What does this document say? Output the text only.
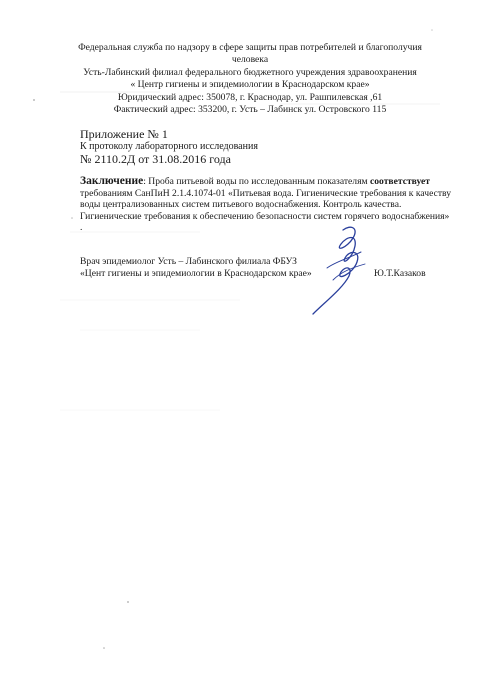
Федеральная служба по надзору в сфере защиты прав потребителей и благополучия
человека
Усть-Лабинский филиал федерального бюджетного учреждения здравоохранения
« Центр гигиены и эпидемиологии в Краснодарском крае»
Юридический адрес: 350078, г. Краснодар, ул. Рашпилевская ,61
Фактический адрес: 353200, г. Усть – Лабинск ул. Островского 115
Приложение № 1
К протоколу лабораторного исследования
№ 2110.2Д от 31.08.2016 года
Заключение: Проба питьевой воды по исследованным показателям соответствует
требованиям СанПиН 2.1.4.1074-01 «Питьевая вода. Гигиенические требования к качеству
воды централизованных систем питьевого водоснабжения. Контроль качества.
Гигиенические требования к обеспечению безопасности систем горячего водоснабжения»
.
Врач эпидемиолог Усть – Лабинского филиала ФБУЗ
«Цент гигиены и эпидемиологии в Краснодарском крае»	Ю.Т.Казаков
